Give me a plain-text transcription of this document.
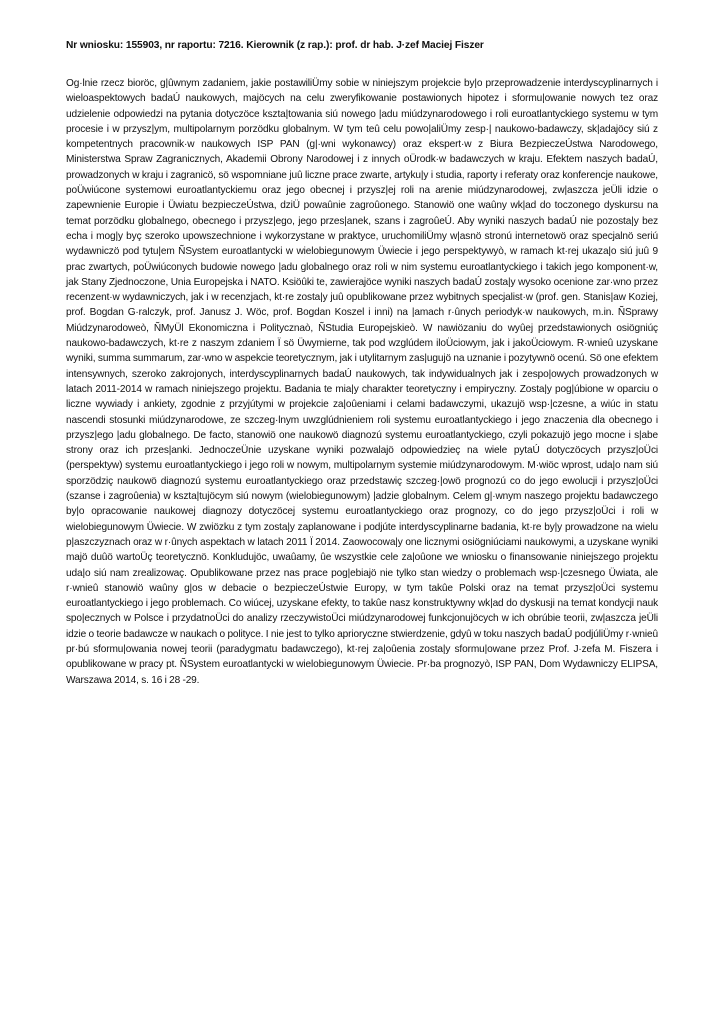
Nr wniosku: 155903, nr raportu: 7216. Kierownik (z rap.): prof. dr hab. J·zef Maciej Fiszer
Og·lnie rzecz bioröc, g|ûwnym zadaniem, jakie postawiliÜmy sobie w niniejszym projekcie by|o przeprowadzenie interdyscyplinarnych i wieloaspektowych badaÚ naukowych, majöcych na celu zweryfikowanie postawionych hipotez i sformu|owanie nowych tez oraz udzielenie odpowiedzi na pytania dotyczöce kszta|towania siú nowego |adu miúdzynarodowego i roli euroatlantyckiego systemu w tym procesie i w przysz|ym, multipolarnym porzödku globalnym. W tym teû celu powo|aliÜmy zesp·| naukowo-badawczy, sk|adajöcy siú z kompetentnych pracownik·w naukowych ISP PAN (g|·wni wykonawcy) oraz ekspert·w z Biura BezpieczeÚstwa Narodowego, Ministerstwa Spraw Zagranicznych, Akademii Obrony Narodowej i z innych oÜrodk·w badawczych w kraju. Efektem naszych badaÚ, prowadzonych w kraju i zagranicö, sö wspomniane juû liczne prace zwarte, artyku|y i studia, raporty i referaty oraz konferencje naukowe, poÜwiúcone systemowi euroatlantyckiemu oraz jego obecnej i przysz|ej roli na arenie miúdzynarodowej, zw|aszcza jeÜli idzie o zapewnienie Europie i Üwiatu bezpieczeÚstwa, dziÜ powaûnie zagroûonego. Stanowiö one waûny wk|ad do toczonego dyskursu na temat porzödku globalnego, obecnego i przysz|ego, jego przes|anek, szans i zagroûeÚ. Aby wyniki naszych badaÚ nie pozosta|y bez echa i mog|y byç szeroko upowszechnione i wykorzystane w praktyce, uruchomiliÜmy w|asnö stronú internetowö oraz specjalnö seriú wydawniczö pod tytu|em ÑSystem euroatlantycki w wielobiegunowym Üwiecie i jego perspektywyò, w ramach kt·rej ukaza|o siú juû 9 prac zwartych, poÜwiúconych budowie nowego |adu globalnego oraz roli w nim systemu euroatlantyckiego i takich jego komponent·w, jak Stany Zjednoczone, Unia Europejska i NATO. Ksiöûki te, zawierajöce wyniki naszych badaÚ zosta|y wysoko ocenione zar·wno przez recenzent·w wydawniczych, jak i w recenzjach, kt·re zosta|y juû opublikowane przez wybitnych specjalist·w (prof. gen. Stanis|aw Koziej, prof. Bogdan G·ralczyk, prof. Janusz J. Wöc, prof. Bogdan Koszel i inni) na |amach r·ûnych periodyk·w naukowych, m.in. ÑSprawy Miúdzynarodoweò, ÑMyÜl Ekonomiczna i Politycznaò, ÑStudia Europejskieò. W nawiözaniu do wyûej przedstawionych osiögniúç naukowo-badawczych, kt·re z naszym zdaniem Ï sö Üwymierne, tak pod wzglúdem iloÜciowym, jak i jakoÜciowym. R·wnieû uzyskane wyniki, summa summarum, zar·wno w aspekcie teoretycznym, jak i utylitarnym zas|ugujö na uznanie i pozytywnö ocenú. Sö one efektem intensywnych, szeroko zakrojonych, interdyscyplinarnych badaÚ naukowych, tak indywidualnych jak i zespo|owych prowadzonych w latach 2011-2014 w ramach niniejszego projektu. Badania te mia|y charakter teoretyczny i empiryczny. Zosta|y pog|úbione w oparciu o liczne wywiady i ankiety, zgodnie z przyjútymi w projekcie za|oûeniami i celami badawczymi, ukazujö wsp·|czesne, a wiúc in statu nascendi stosunki miúdzynarodowe, ze szczeg·lnym uwzglúdnieniem roli systemu euroatlantyckiego i jego znaczenia dla obecnego i przysz|ego |adu globalnego. De facto, stanowiö one naukowö diagnozú systemu euroatlantyckiego, czyli pokazujö jego mocne i s|abe strony oraz ich przes|anki. JednoczeÜnie uzyskane wyniki pozwalajö odpowiedzieç na wiele pytaÚ dotyczöcych przysz|oÜci (perspektyw) systemu euroatlantyckiego i jego roli w nowym, multipolarnym systemie miúdzynarodowym. M·wiöc wprost, uda|o nam siú sporzödziç naukowö diagnozú systemu euroatlantyckiego oraz przedstawiç szczeg·|owö prognozú co do jego ewolucji i przysz|oÜci (szanse i zagroûenia) w kszta|tujöcym siú nowym (wielobiegunowym) |adzie globalnym. Celem g|·wnym naszego projektu badawczego by|o opracowanie naukowej diagnozy dotyczöcej systemu euroatlantyckiego oraz prognozy, co do jego przysz|oÜci i roli w wielobiegunowym Üwiecie. W zwiözku z tym zosta|y zaplanowane i podjúte interdyscyplinarne badania, kt·re by|y prowadzone na wielu p|aszczyznach oraz w r·ûnych aspektach w latach 2011 Ï 2014. Zaowocowa|y one licznymi osiögniúciami naukowymi, a uzyskane wyniki majö duûö wartoÜç teoretycznö. Konkludujöc, uwaûamy, ûe wszystkie cele za|oûone we wniosku o finansowanie niniejszego projektu uda|o siú nam zrealizowaç. Opublikowane przez nas prace pog|ebiajö nie tylko stan wiedzy o problemach wsp·|czesnego Üwiata, ale r·wnieû stanowiö waûny g|os w debacie o bezpieczeÚstwie Europy, w tym takûe Polski oraz na temat przysz|oÜci systemu euroatlantyckiego i jego problemach. Co wiúcej, uzyskane efekty, to takûe nasz konstruktywny wk|ad do dyskusji na temat kondycji nauk spo|ecznych w Polsce i przydatnoÜci do analizy rzeczywistoÜci miúdzynarodowej funkcjonujöcych w ich obrúbie teorii, zw|aszcza jeÜli idzie o teorie badawcze w naukach o polityce. I nie jest to tylko aprioryczne stwierdzenie, gdyû w toku naszych badaÚ podjúliÜmy r·wnieû pr·bú sformu|owania nowej teorii (paradygmatu badawczego), kt·rej za|oûenia zosta|y sformu|owane przez Prof. J·zefa M. Fiszera i opublikowane w pracy pt. ÑSystem euroatlantycki w wielobiegunowym Üwiecie. Pr·ba prognozyò, ISP PAN, Dom Wydawniczy ELIPSA, Warszawa 2014, s. 16 i 28 -29.
